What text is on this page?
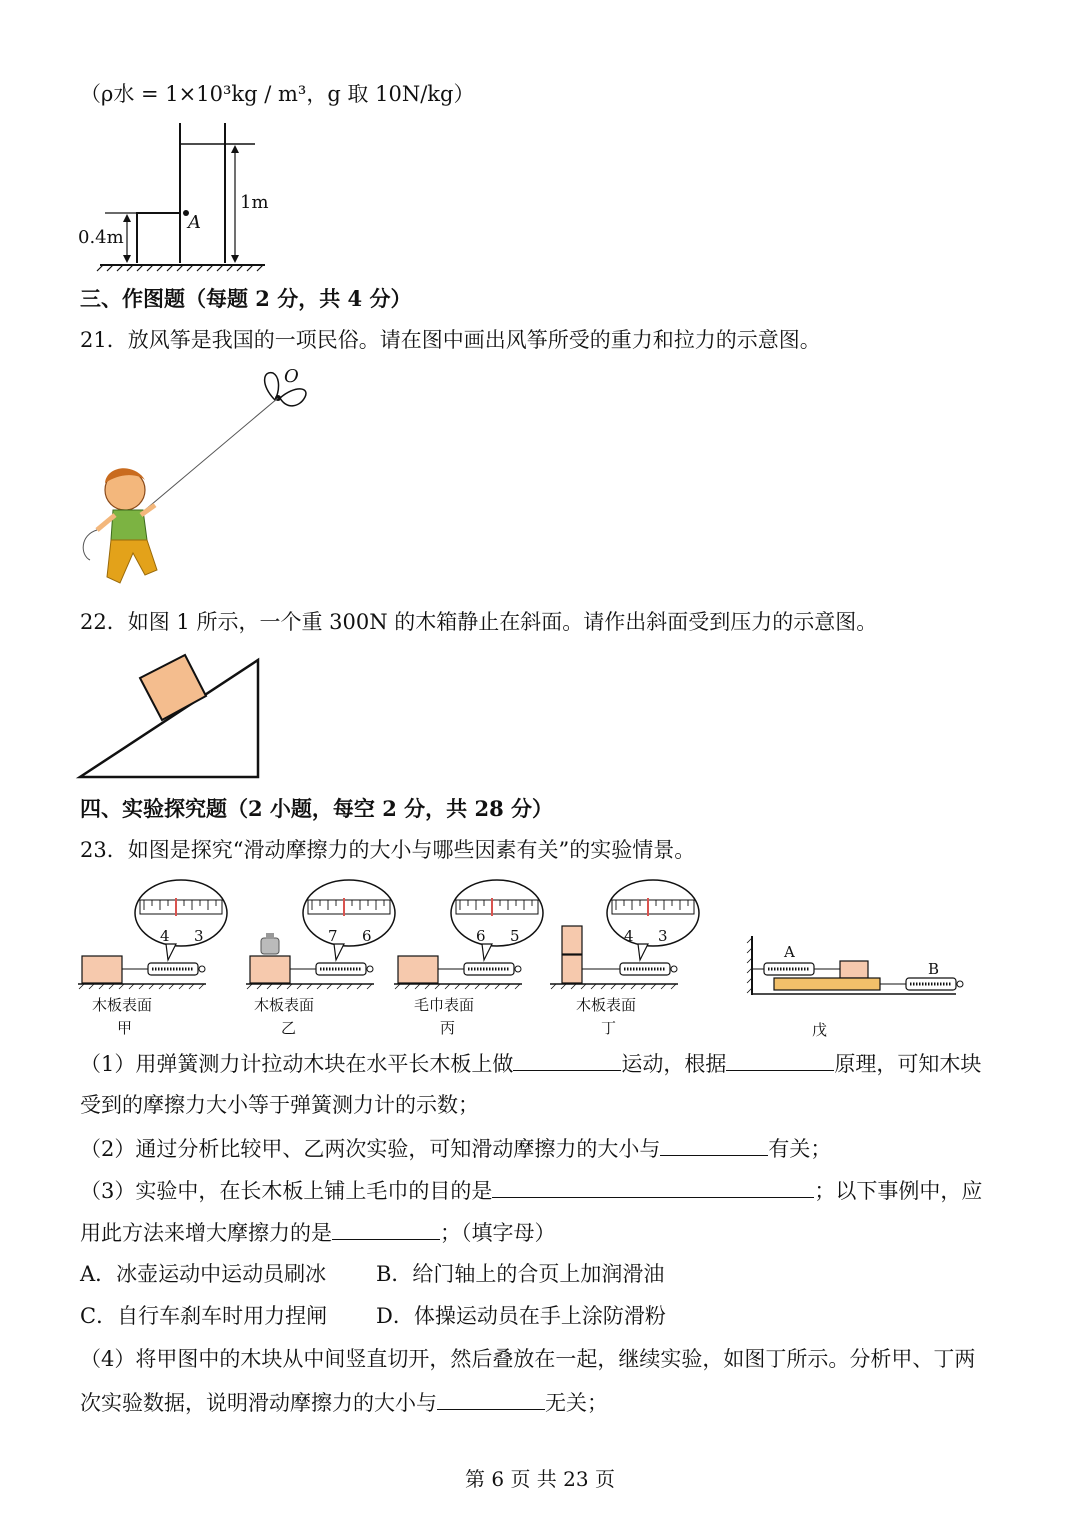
（ρ水 = 1×10³kg / m³，g 取 10N/kg）
1m
0.4m
A
三、作图题（每题 2 分，共 4 分）
21．放风筝是我国的一项民俗。请在图中画出风筝所受的重力和拉力的示意图。
O
22．如图 1 所示，一个重 300N 的木箱静止在斜面。请作出斜面受到压力的示意图。
四、实验探究题（2 小题，每空 2 分，共 28 分）
23．如图是探究“滑动摩擦力的大小与哪些因素有关”的实验情景。
4 3	7 6	6 5	4 3
A
B
木板表面
甲
木板表面
乙
毛巾表面
丙
木板表面
丁	戊
（1）用弹簧测力计拉动木块在水平长木板上做	运动，根据	原理，可知木块
受到的摩擦力大小等于弹簧测力计的示数；
（2）通过分析比较甲、乙两次实验，可知滑动摩擦力的大小与	有关；
（3）实验中，在长木板上铺上毛巾的目的是	；以下事例中，应
用此方法来增大摩擦力的是	；（填字母）
A．冰壶运动中运动员刷冰 B．给门轴上的合页上加润滑油
C．自行车刹车时用力捏闸 D．体操运动员在手上涂防滑粉
（4）将甲图中的木块从中间竖直切开，然后叠放在一起，继续实验，如图丁所示。分析甲、丁两
次实验数据，说明滑动摩擦力的大小与	无关；
第 6 页 共 23 页
